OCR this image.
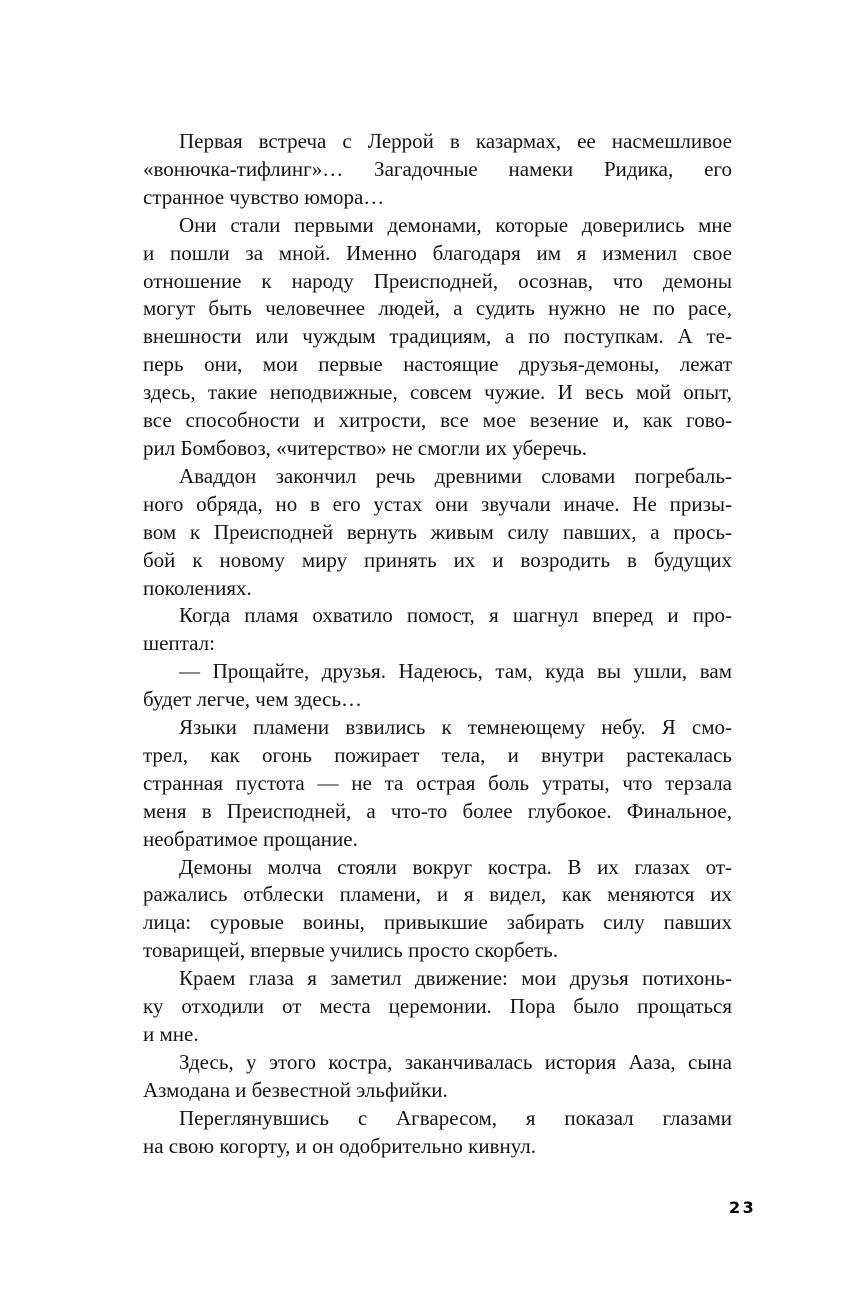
Первая встреча с Леррой в казармах, ее насмешливое
«вонючка-тифлинг»… Загадочные намеки Ридика, его
странное чувство юмора…

Они стали первыми демонами, которые доверились мне
и пошли за мной. Именно благодаря им я изменил свое
отношение к народу Преисподней, осознав, что демоны
могут быть человечнее людей, а судить нужно не по расе,
внешности или чуждым традициям, а по поступкам. А те-
перь они, мои первые настоящие друзья-демоны, лежат
здесь, такие неподвижные, совсем чужие. И весь мой опыт,
все способности и хитрости, все мое везение и, как гово-
рил Бомбовоз, «читерство» не смогли их уберечь.

Аваддон закончил речь древними словами погребаль-
ного обряда, но в его устах они звучали иначе. Не призы-
вом к Преисподней вернуть живым силу павших, а прось-
бой к новому миру принять их и возродить в будущих
поколениях.

Когда пламя охватило помост, я шагнул вперед и про-
шептал:

— Прощайте, друзья. Надеюсь, там, куда вы ушли, вам
будет легче, чем здесь…

Языки пламени взвились к темнеющему небу. Я смо-
трел, как огонь пожирает тела, и внутри растекалась
странная пустота — не та острая боль утраты, что терзала
меня в Преисподней, а что-то более глубокое. Финальное,
необратимое прощание.

Демоны молча стояли вокруг костра. В их глазах от-
ражались отблески пламени, и я видел, как меняются их
лица: суровые воины, привыкшие забирать силу павших
товарищей, впервые учились просто скорбеть.

Краем глаза я заметил движение: мои друзья потихонь-
ку отходили от места церемонии. Пора было прощаться
и мне.

Здесь, у этого костра, заканчивалась история Ааза, сына
Азмодана и безвестной эльфийки.

Переглянувшись с Агваресом, я показал глазами
на свою когорту, и он одобрительно кивнул.

23
